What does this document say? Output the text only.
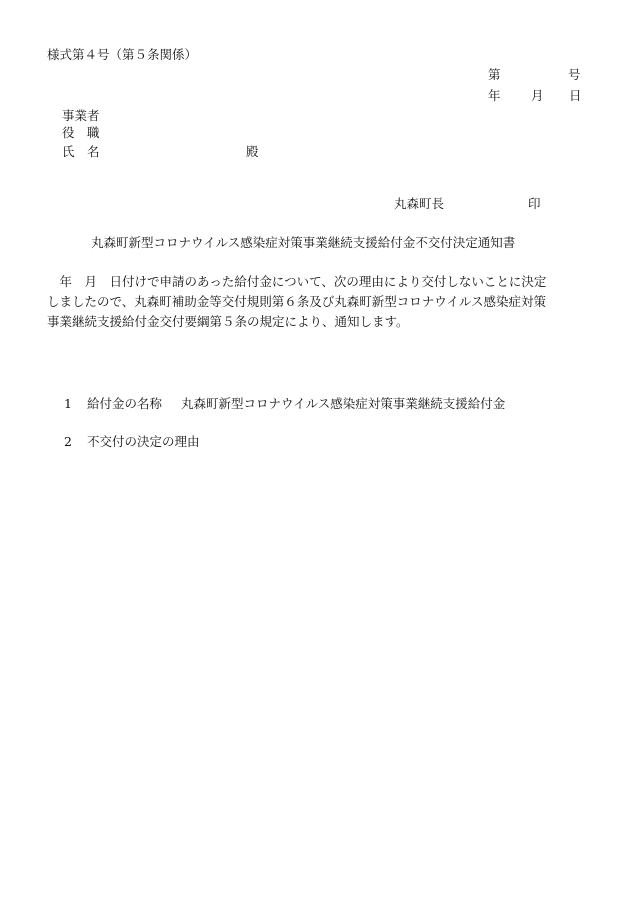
様式第４号（第５条関係）
第	号
年 月 日
事業者
役　職
氏　名	殿
丸森町長	印
丸森町新型コロナウイルス感染症対策事業継続支援給付金不交付決定通知書
　年　月　日付けで申請のあった給付金について、次の理由により交付しないことに決定
しましたので、丸森町補助金等交付規則第６条及び丸森町新型コロナウイルス感染症対策
事業継続支援給付金交付要綱第５条の規定により、通知します。
1 給付金の名称 丸森町新型コロナウイルス感染症対策事業継続支援給付金
2 不交付の決定の理由
